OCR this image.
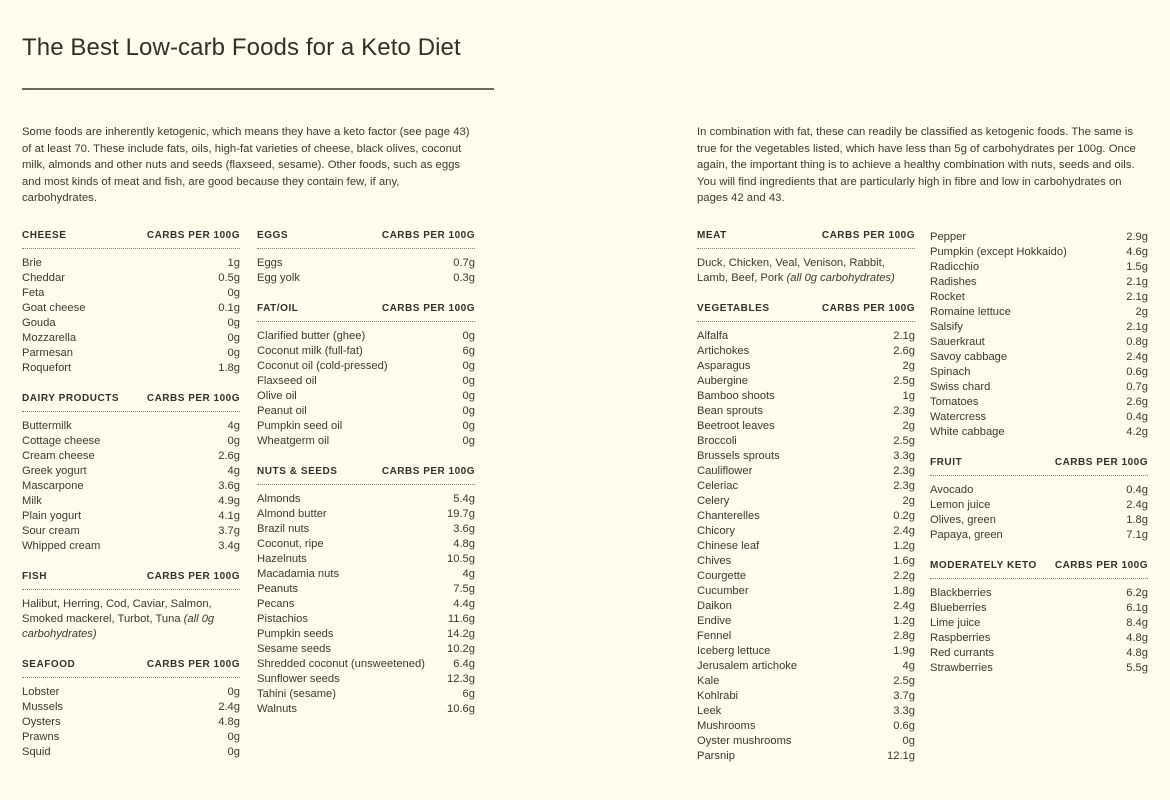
The Best Low-carb Foods for a Keto Diet

Some foods are inherently ketogenic, which means they have a keto factor (see page 43) of at least 70. These include fats, oils, high-fat varieties of cheese, black olives, coconut milk, almonds and other nuts and seeds (flaxseed, sesame). Other foods, such as eggs and most kinds of meat and fish, are good because they contain few, if any, carbohydrates.

In combination with fat, these can readily be classified as ketogenic foods. The same is true for the vegetables listed, which have less than 5g of carbohydrates per 100g. Once again, the important thing is to achieve a healthy combination with nuts, seeds and oils. You will find ingredients that are particularly high in fibre and low in carbohydrates on pages 42 and 43.

CHEESE	CARBS PER 100G
Brie	1g
Cheddar	0.5g
Feta	0g
Goat cheese	0.1g
Gouda	0g
Mozzarella	0g
Parmesan	0g
Roquefort	1.8g
DAIRY PRODUCTS	CARBS PER 100G
Buttermilk	4g
Cottage cheese	0g
Cream cheese	2.6g
Greek yogurt	4g
Mascarpone	3.6g
Milk	4.9g
Plain yogurt	4.1g
Sour cream	3.7g
Whipped cream	3.4g
FISH	CARBS PER 100G
Halibut, Herring, Cod, Caviar, Salmon, Smoked mackerel, Turbot, Tuna (all 0g carbohydrates)
SEAFOOD	CARBS PER 100G
Lobster	0g
Mussels	2.4g
Oysters	4.8g
Prawns	0g
Squid	0g
EGGS	CARBS PER 100G
Eggs	0.7g
Egg yolk	0.3g
FAT/OIL	CARBS PER 100G
Clarified butter (ghee)	0g
Coconut milk (full-fat)	6g
Coconut oil (cold-pressed)	0g
Flaxseed oil	0g
Olive oil	0g
Peanut oil	0g
Pumpkin seed oil	0g
Wheatgerm oil	0g
NUTS & SEEDS	CARBS PER 100G
Almonds	5.4g
Almond butter	19.7g
Brazil nuts	3.6g
Coconut, ripe	4.8g
Hazelnuts	10.5g
Macadamia nuts	4g
Peanuts	7.5g
Pecans	4.4g
Pistachios	11.6g
Pumpkin seeds	14.2g
Sesame seeds	10.2g
Shredded coconut (unsweetened)	6.4g
Sunflower seeds	12.3g
Tahini (sesame)	6g
Walnuts	10.6g
MEAT	CARBS PER 100G
Duck, Chicken, Veal, Venison, Rabbit, Lamb, Beef, Pork (all 0g carbohydrates)
VEGETABLES	CARBS PER 100G
Alfalfa	2.1g
Artichokes	2.6g
Asparagus	2g
Aubergine	2.5g
Bamboo shoots	1g
Bean sprouts	2.3g
Beetroot leaves	2g
Broccoli	2.5g
Brussels sprouts	3.3g
Cauliflower	2.3g
Celeriac	2.3g
Celery	2g
Chanterelles	0.2g
Chicory	2.4g
Chinese leaf	1.2g
Chives	1.6g
Courgette	2.2g
Cucumber	1.8g
Daikon	2.4g
Endive	1.2g
Fennel	2.8g
Iceberg lettuce	1.9g
Jerusalem artichoke	4g
Kale	2.5g
Kohlrabi	3.7g
Leek	3.3g
Mushrooms	0.6g
Oyster mushrooms	0g
Parsnip	12.1g
Pepper	2.9g
Pumpkin (except Hokkaido)	4.6g
Radicchio	1.5g
Radishes	2.1g
Rocket	2.1g
Romaine lettuce	2g
Salsify	2.1g
Sauerkraut	0.8g
Savoy cabbage	2.4g
Spinach	0.6g
Swiss chard	0.7g
Tomatoes	2.6g
Watercress	0.4g
White cabbage	4.2g
FRUIT	CARBS PER 100G
Avocado	0.4g
Lemon juice	2.4g
Olives, green	1.8g
Papaya, green	7.1g
MODERATELY KETO CARBS PER 100G
Blackberries	6.2g
Blueberries	6.1g
Lime juice	8.4g
Raspberries	4.8g
Red currants	4.8g
Strawberries	5.5g
